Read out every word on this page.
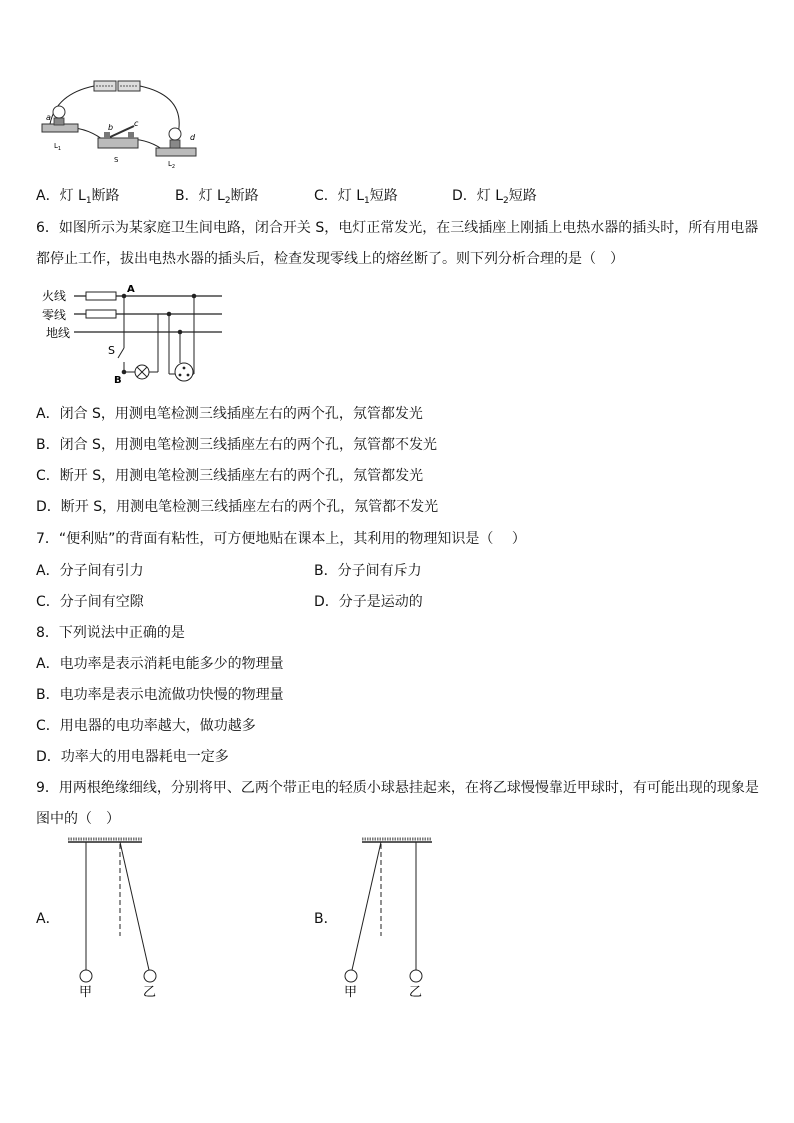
a
b	c
d
$L_1$
S	$L_2$
A．灯 $L_1$断路	B．灯 $L_2$断路	C．灯 $L_1$短路	D．灯 $L_2$短路
6．如图所示为某家庭卫生间电路，闭合开关 S，电灯正常发光，在三线插座上刚插上电热水器的插头时，所有用电器
都停止工作，拔出电热水器的插头后，检查发现零线上的熔丝断了。则下列分析合理的是（　）
火线
零线
地线
A
S
B
A．闭合 S，用测电笔检测三线插座左右的两个孔，氖管都发光
B．闭合 S，用测电笔检测三线插座左右的两个孔，氖管都不发光
C．断开 S，用测电笔检测三线插座左右的两个孔，氖管都发光
D．断开 S，用测电笔检测三线插座左右的两个孔，氖管都不发光
7．“便利贴”的背面有粘性，可方便地贴在课本上，其利用的物理知识是（　 ）
A．分子间有引力	B．分子间有斥力
C．分子间有空隙	D．分子是运动的
8．下列说法中正确的是
A．电功率是表示消耗电能多少的物理量
B．电功率是表示电流做功快慢的物理量
C．用电器的电功率越大，做功越多
D．功率大的用电器耗电一定多
9．用两根绝缘细线，分别将甲、乙两个带正电的轻质小球悬挂起来，在将乙球慢慢靠近甲球时，有可能出现的现象是
图中的（　）
A．
甲	乙
B．
甲	乙
